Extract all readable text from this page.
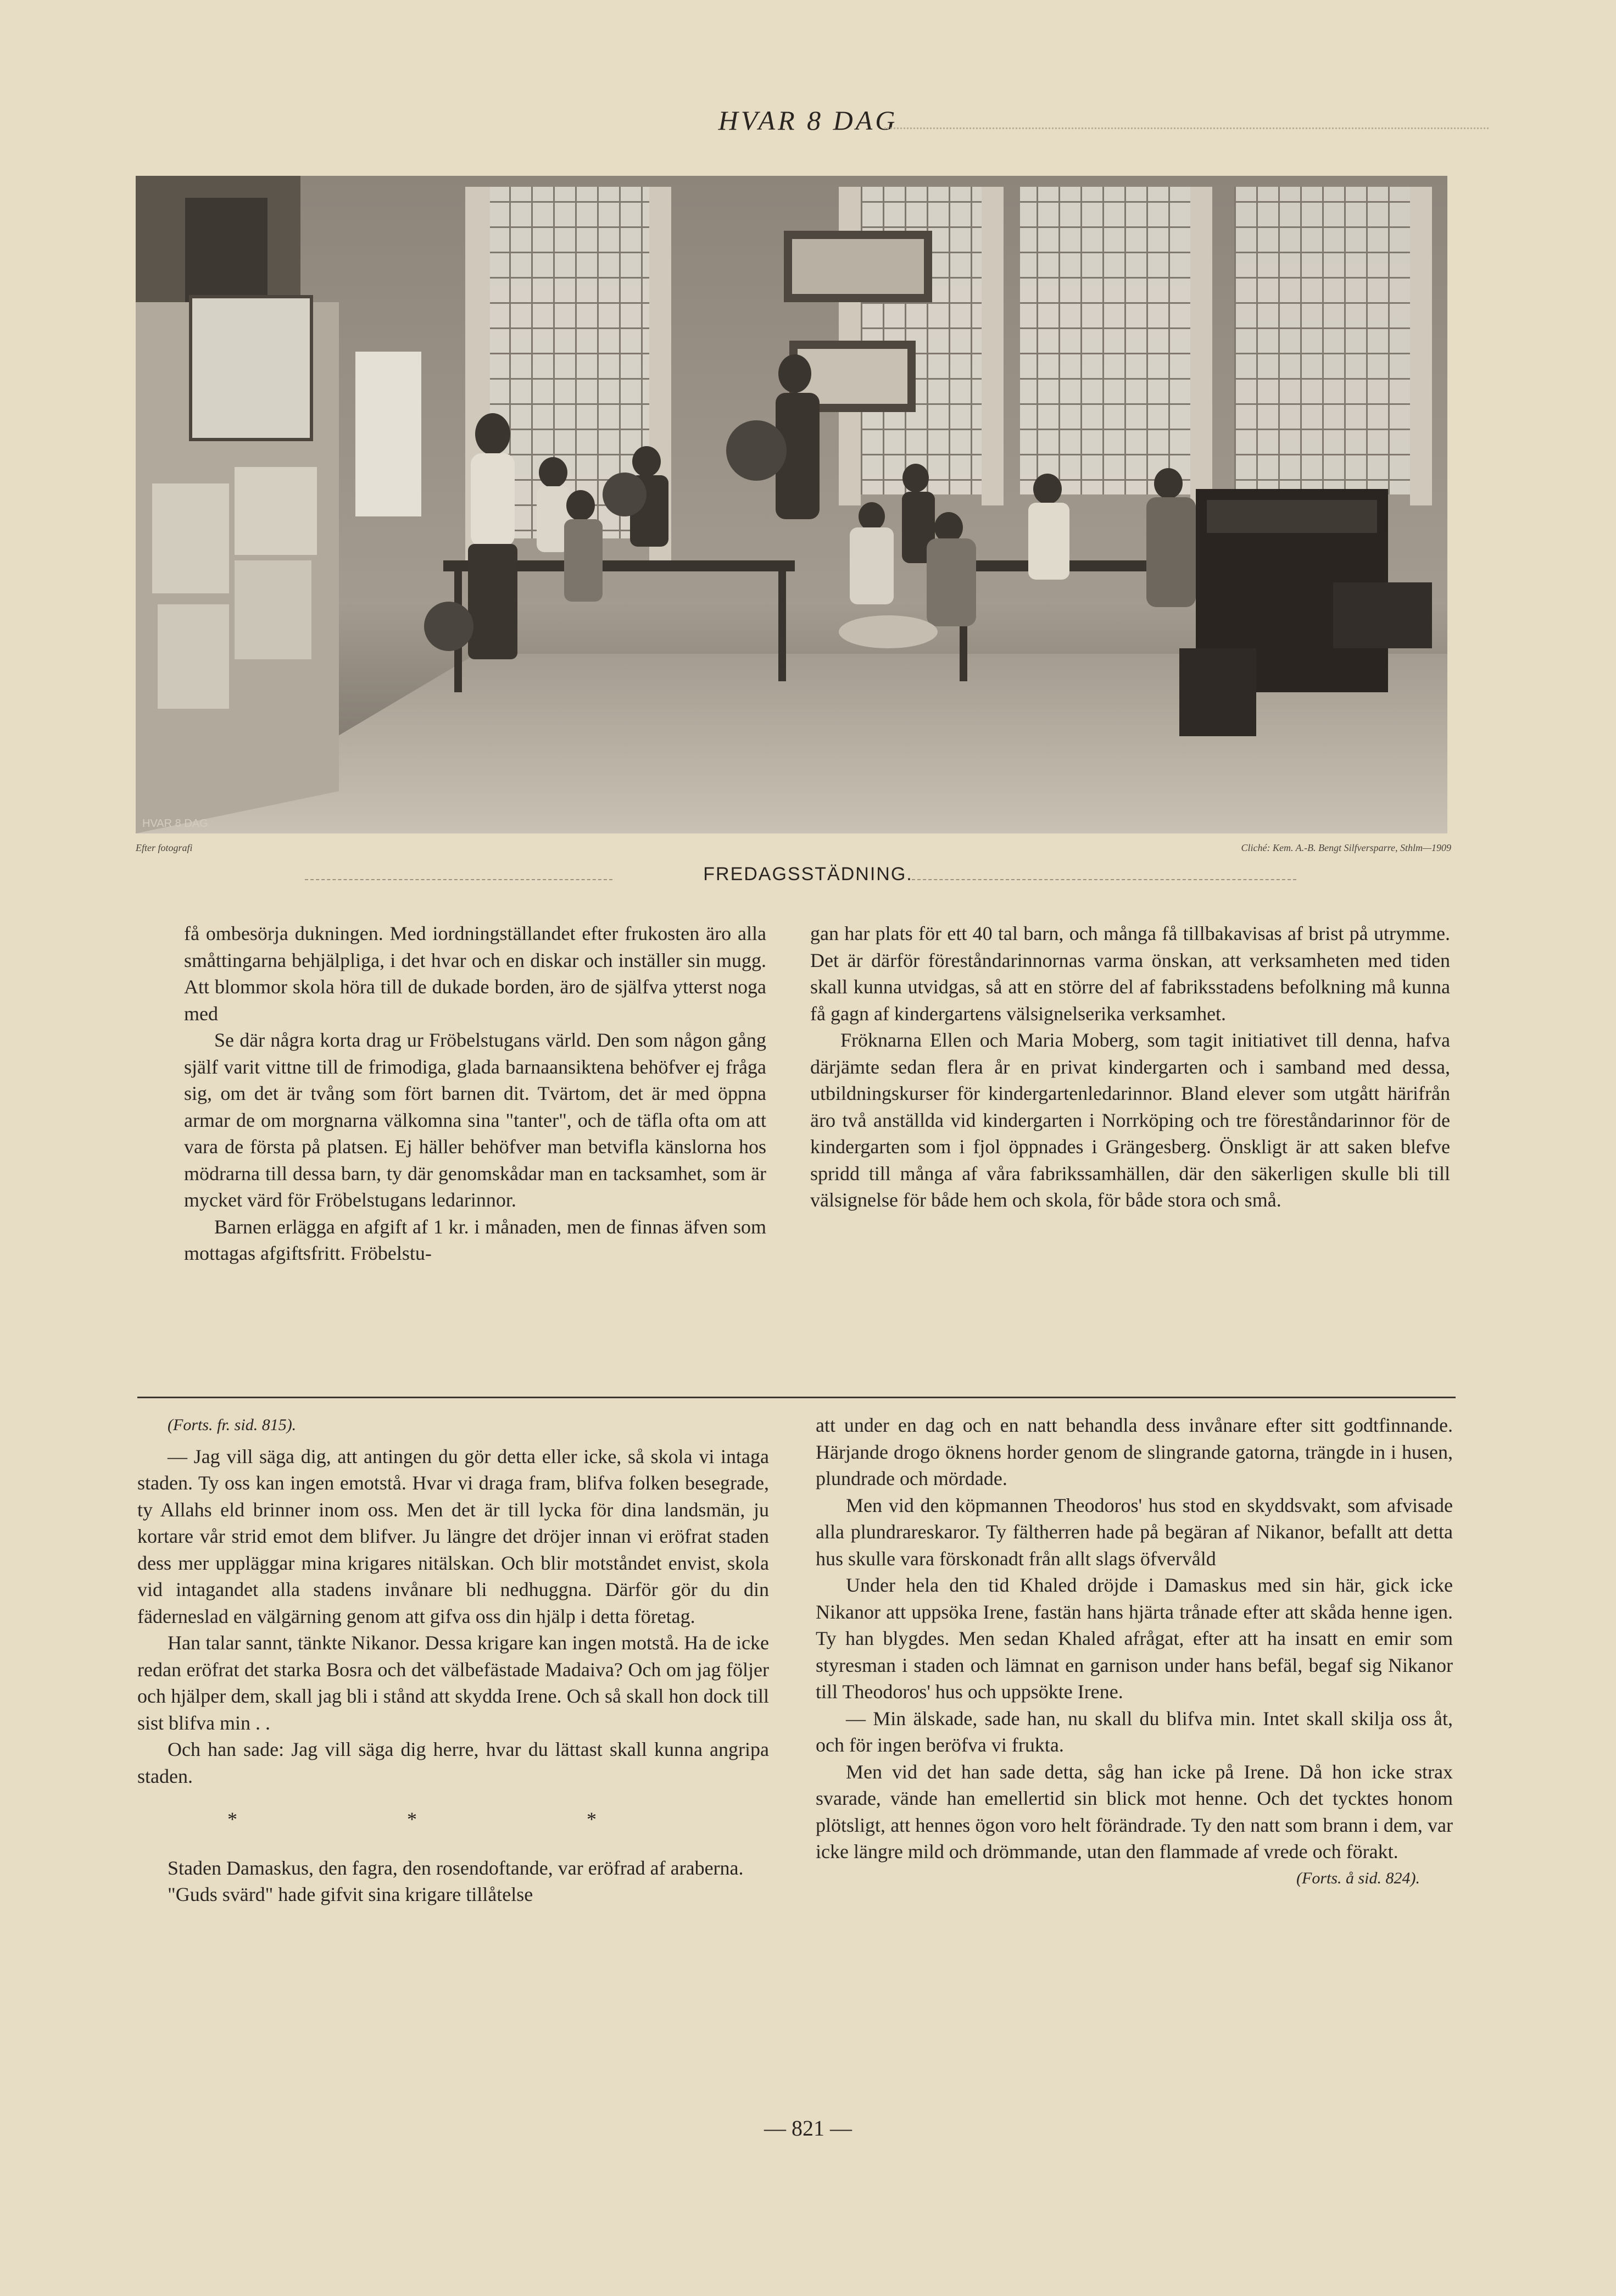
HVAR 8 DAG
HVAR 8 DAG
Efter fotografi	Cliché: Kem. A.-B. Bengt Silfversparre, Sthlm—1909
FREDAGSSTÄDNING.

få ombesörja dukningen. Med iordningställandet efter frukosten äro alla småttingarna behjälpliga, i det hvar och en diskar och inställer sin mugg. Att blommor skola höra till de dukade borden, äro de själfva ytterst noga med

Se där några korta drag ur Fröbelstugans värld. Den som någon gång själf varit vittne till de frimodiga, glada barnaansiktena behöfver ej fråga sig, om det är tvång som fört barnen dit. Tvärtom, det är med öppna armar de om morgnarna välkomna sina "tanter", och de täfla ofta om att vara de första på platsen. Ej häller behöfver man betvifla känslorna hos mödrarna till dessa barn, ty där genomskådar man en tacksamhet, som är mycket värd för Fröbelstugans ledarinnor.

Barnen erlägga en afgift af 1 kr. i månaden, men de finnas äfven som mottagas afgiftsfritt. Fröbelstu-

gan har plats för ett 40 tal barn, och många få tillbakavisas af brist på utrymme. Det är därför föreståndarinnornas varma önskan, att verksamheten med tiden skall kunna utvidgas, så att en större del af fabriksstadens befolkning må kunna få gagn af kindergartens välsignelserika verksamhet.

Fröknarna Ellen och Maria Moberg, som tagit initiativet till denna, hafva därjämte sedan flera år en privat kindergarten och i samband med dessa, utbildningskurser för kindergartenledarinnor. Bland elever som utgått härifrån äro två anställda vid kindergarten i Norrköping och tre föreståndarinnor för de kindergarten som i fjol öppnades i Grängesberg. Önskligt är att saken blefve spridd till många af våra fabrikssamhällen, där den säkerligen skulle bli till välsignelse för både hem och skola, för både stora och små.

(Forts. fr. sid. 815).

— Jag vill säga dig, att antingen du gör detta eller icke, så skola vi intaga staden. Ty oss kan ingen emotstå. Hvar vi draga fram, blifva folken besegrade, ty Allahs eld brinner inom oss. Men det är till lycka för dina landsmän, ju kortare vår strid emot dem blifver. Ju längre det dröjer innan vi eröfrat staden dess mer uppläggar mina krigares nitälskan. Och blir motståndet envist, skola vid intagandet alla stadens invånare bli nedhuggna. Därför gör du din fäderneslad en välgärning genom att gifva oss din hjälp i detta företag.

Han talar sannt, tänkte Nikanor. Dessa krigare kan ingen motstå. Ha de icke redan eröfrat det starka Bosra och det välbefästade Madaiva? Och om jag följer och hjälper dem, skall jag bli i stånd att skydda Irene. Och så skall hon dock till sist blifva min . .

Och han sade: Jag vill säga dig herre, hvar du lättast skall kunna angripa staden.

* * *

Staden Damaskus, den fagra, den rosendoftande, var eröfrad af araberna.

"Guds svärd" hade gifvit sina krigare tillåtelse

att under en dag och en natt behandla dess invånare efter sitt godtfinnande. Härjande drogo öknens horder genom de slingrande gatorna, trängde in i husen, plundrade och mördade.

Men vid den köpmannen Theodoros' hus stod en skyddsvakt, som afvisade alla plundrareskaror. Ty fältherren hade på begäran af Nikanor, befallt att detta hus skulle vara förskonadt från allt slags öfvervåld

Under hela den tid Khaled dröjde i Damaskus med sin här, gick icke Nikanor att uppsöka Irene, fastän hans hjärta trånade efter att skåda henne igen. Ty han blygdes. Men sedan Khaled afrågat, efter att ha insatt en emir som styresman i staden och lämnat en garnison under hans befäl, begaf sig Nikanor till Theodoros' hus och uppsökte Irene.

— Min älskade, sade han, nu skall du blifva min. Intet skall skilja oss åt, och för ingen beröfva vi frukta.

Men vid det han sade detta, såg han icke på Irene. Då hon icke strax svarade, vände han emellertid sin blick mot henne. Och det tycktes honom plötsligt, att hennes ögon voro helt förändrade. Ty den natt som brann i dem, var icke längre mild och drömmande, utan den flammade af vrede och förakt.

(Forts. å sid. 824).

— 821 —
